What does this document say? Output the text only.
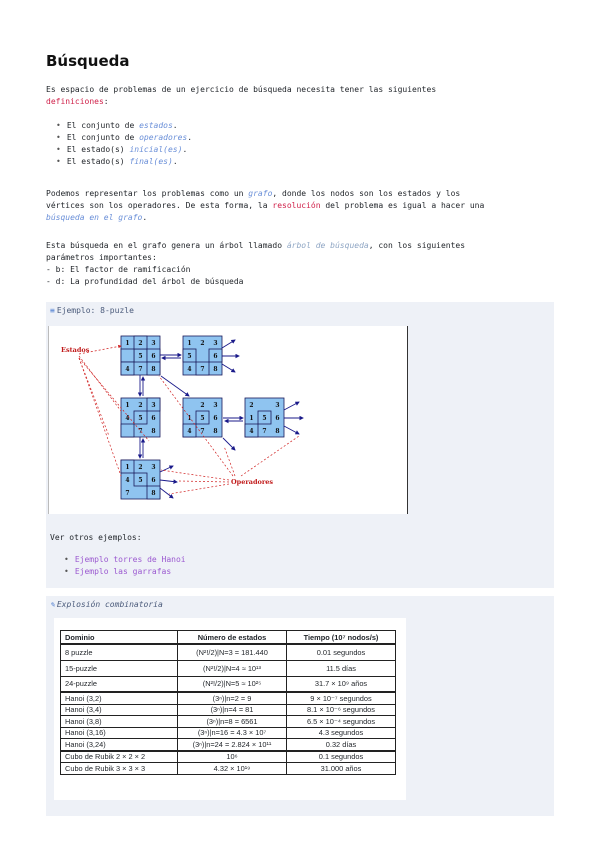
Búsqueda

Es espacio de problemas de un ejercicio de búsqueda necesita tener las siguientes
definiciones:

• El conjunto de estados.
• El conjunto de operadores.
• El estado(s) inicial(es).
• El estado(s) final(es).

Podemos representar los problemas como un grafo, donde los nodos son los estados y los
vértices son los operadores. De esta forma, la resolución del problema es igual a hacer una
búsqueda en el grafo.

Esta búsqueda en el grafo genera un árbol llamado árbol de búsqueda, con los siguientes
parámetros importantes:
- b: El factor de ramificación
- d: La profundidad del árbol de búsqueda

≡ Ejemplo: 8-puzle
1 2 3
5 6
4 7 8
1 2 3
5	6
4 7 8
1 2 3
4 5 6
7 8
2 3
1 5 6
4 7 8
2	3
1 5 6
4 7 8
1 2 3
4 5 6
7	8
Estados
Operadores

Ver otros ejemplos:

• Ejemplo torres de Hanoi
• Ejemplo las garrafas
✎ Explosión combinatoria
Dominio	Número de estados	Tiempo (10⁷ nodos/s)
8 puzzle	(N²!/2)|N=3 = 181.440	0.01 segundos
15-puzzle	(N²!/2)|N=4 ≈ 10¹³	11.5 días
24-puzzle	(N²!/2)|N=5 ≈ 10²⁵	31.7 × 10⁹ años
Hanoi (3,2)	(3ⁿ)|n=2 = 9	9 × 10⁻⁷ segundos
Hanoi (3,4)	(3ⁿ)|n=4 = 81	8.1 × 10⁻⁶ segundos
Hanoi (3,8)	(3ⁿ)|n=8 = 6561	6.5 × 10⁻⁴ segundos
Hanoi (3,16)	(3ⁿ)|n=16 = 4.3 × 10⁷	4.3 segundos
Hanoi (3,24)	(3ⁿ)|n=24 = 2.824 × 10¹¹	0.32 días
Cubo de Rubik 2 × 2 × 2	10⁶	0.1 segundos
Cubo de Rubik 3 × 3 × 3	4.32 × 10¹⁹	31.000 años
